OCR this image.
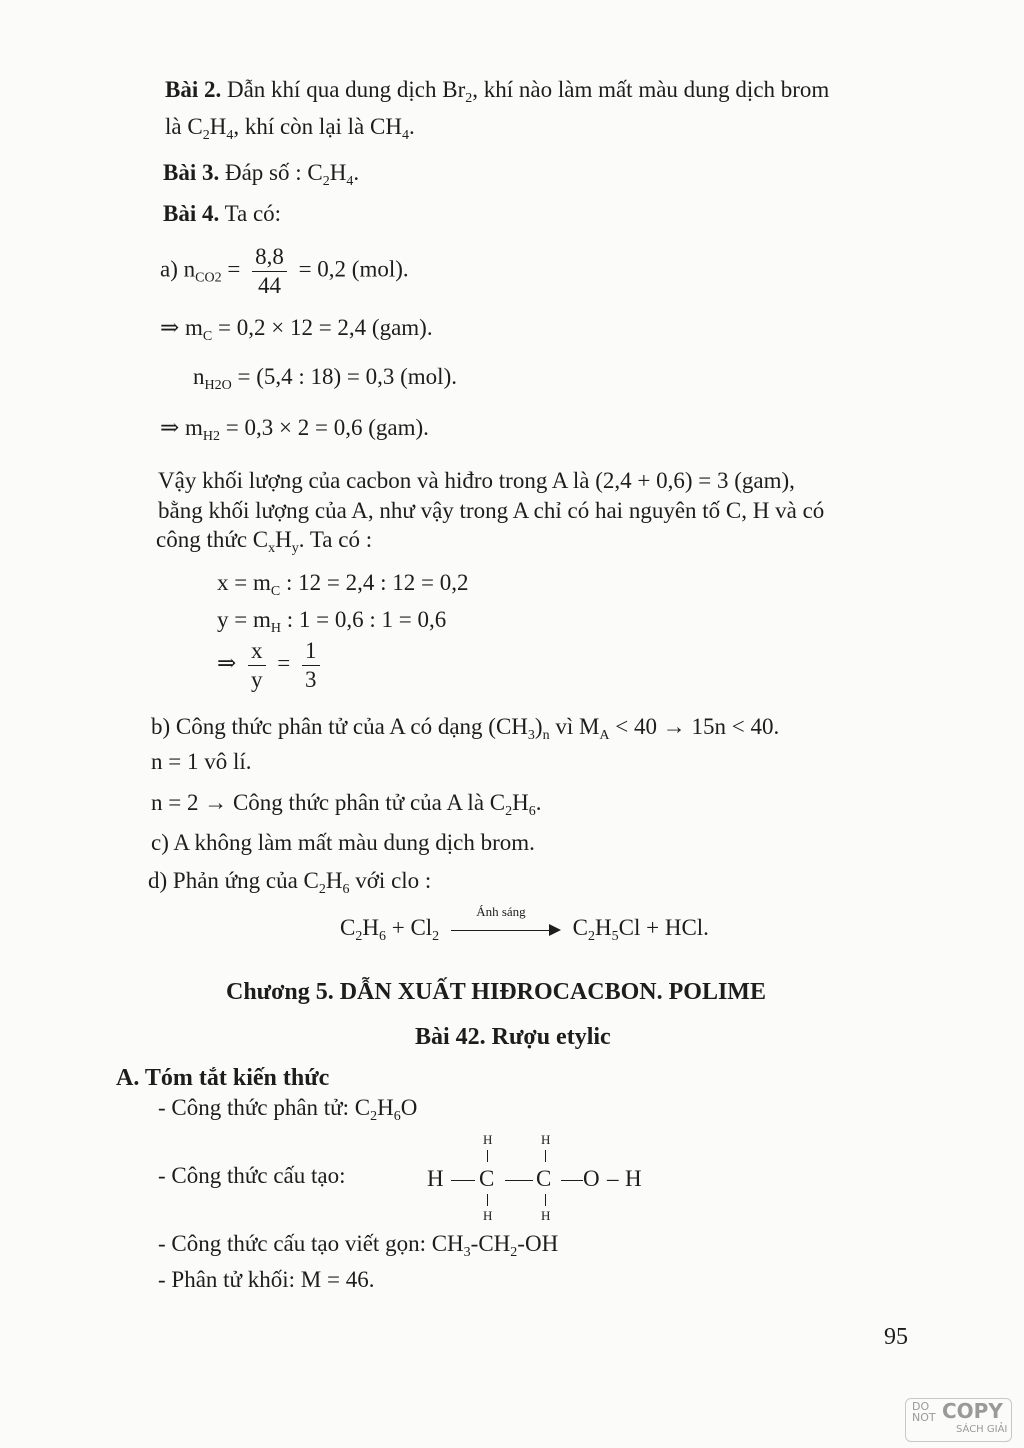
Bài 2. Dẫn khí qua dung dịch $Br_2$, khí nào làm mất màu dung dịch brom
là $C_2H_4$, khí còn lại là $CH_4$.
Bài 3. Đáp số : $C_2H_4$.
Bài 4. Ta có:
a) $n_{CO2} = \frac{8,8}{44} = 0,2$ (mol).
⇒ $m_C = 0,2 \times 12 = 2,4$ (gam).
$n_{H2O} = (5,4$ : 18) = 0,3 (mol).
⇒ $m_{H2} = 0,3 \times 2 = 0,6$ (gam).
Vậy khối lượng của cacbon và hiđro trong A là (2,4 + 0,6) = 3 (gam),
bằng khối lượng của A, như vậy trong A chỉ có hai nguyên tố C, H và có
công thức $C_xH_y$. Ta có :
$x = m_C$ : 12 = 2,4 : 12 = 0,2
$y = m_H$ : 1 = 0,6 : 1 = 0,6
⇒ $\frac{x}{y} = \frac{1}{3}$
b) Công thức phân tử của A có dạng $(CH_3)_n$ vì $M_A < 40 \to 15n < 40$.
n = 1 vô lí.
n = 2 → Công thức phân tử của A là $C_2H_6$.
c) A không làm mất màu dung dịch brom.
d) Phản ứng của $C_2H_6$ với clo :
$C_2H_6 + Cl_2$
Ánh sáng
$C_2H_5Cl$ + HCl.
Chương 5. DẪN XUẤT HIĐROCACBON. POLIME
Bài 42. Rượu etylic
A. Tóm tắt kiến thức
- Công thức phân tử: $C_2H_6O$
- Công thức cấu tạo:
H	H
H C C O – H
H	H
- Công thức cấu tạo viết gọn: $CH_3-CH_2-OH$
- Phân tử khối: M = 46.
95
DO
NOT COPY
SÁCH GIẢI
